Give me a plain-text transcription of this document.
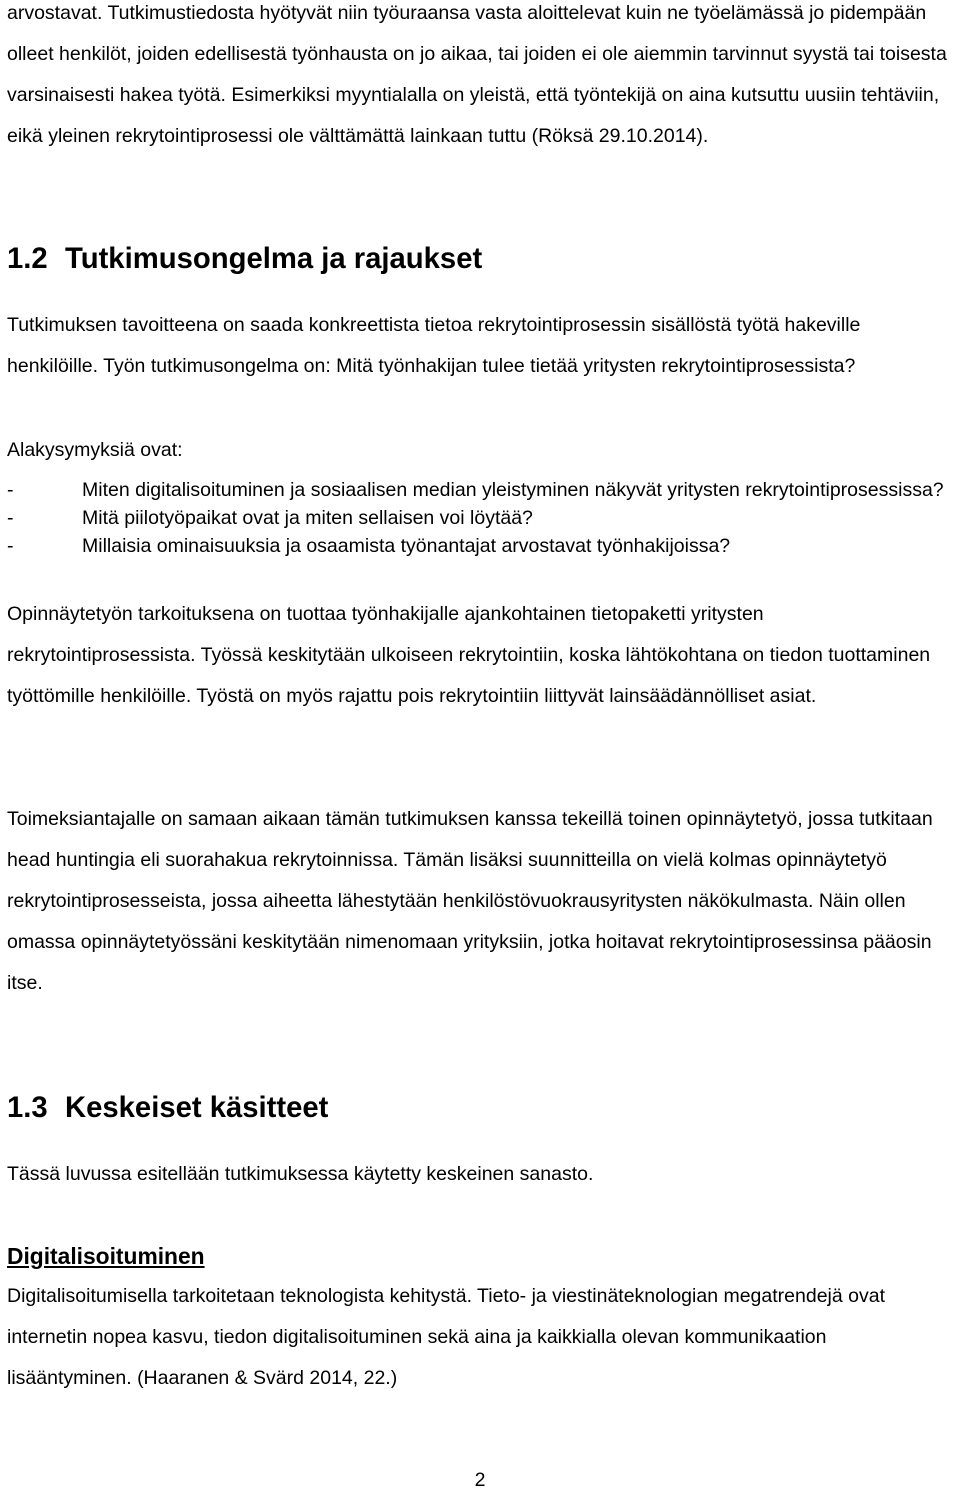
arvostavat. Tutkimustiedosta hyötyvät niin työuraansa vasta aloittelevat kuin ne työelämässä jo pidempään olleet henkilöt, joiden edellisestä työnhausta on jo aikaa, tai joiden ei ole aiemmin tarvinnut syystä tai toisesta varsinaisesti hakea työtä. Esimerkiksi myyntialalla on yleistä, että työntekijä on aina kutsuttu uusiin tehtäviin, eikä yleinen rekrytointiprosessi ole välttämättä lainkaan tuttu (Röksä 29.10.2014).

1.2 Tutkimusongelma ja rajaukset

Tutkimuksen tavoitteena on saada konkreettista tietoa rekrytointiprosessin sisällöstä työtä hakeville henkilöille. Työn tutkimusongelma on: Mitä työnhakijan tulee tietää yritysten rekrytointiprosessista?

Alakysymyksiä ovat:

-	Miten digitalisoituminen ja sosiaalisen median yleistyminen näkyvät yritysten rekrytointiprosessissa?
-	Mitä piilotyöpaikat ovat ja miten sellaisen voi löytää?
-	Millaisia ominaisuuksia ja osaamista työnantajat arvostavat työnhakijoissa?

Opinnäytetyön tarkoituksena on tuottaa työnhakijalle ajankohtainen tietopaketti yritysten rekrytointiprosessista. Työssä keskitytään ulkoiseen rekrytointiin, koska lähtökohtana on tiedon tuottaminen työttömille henkilöille. Työstä on myös rajattu pois rekrytointiin liittyvät lainsäädännölliset asiat.

Toimeksiantajalle on samaan aikaan tämän tutkimuksen kanssa tekeillä toinen opinnäytetyö, jossa tutkitaan head huntingia eli suorahakua rekrytoinnissa. Tämän lisäksi suunnitteilla on vielä kolmas opinnäytetyö rekrytointiprosesseista, jossa aiheetta lähestytään henkilöstövuokrausyritysten näkökulmasta. Näin ollen omassa opinnäytetyössäni keskitytään nimenomaan yrityksiin, jotka hoitavat rekrytointiprosessinsa pääosin itse.

1.3 Keskeiset käsitteet

Tässä luvussa esitellään tutkimuksessa käytetty keskeinen sanasto.

Digitalisoituminen

Digitalisoitumisella tarkoitetaan teknologista kehitystä. Tieto- ja viestinäteknologian megatrendejä ovat internetin nopea kasvu, tiedon digitalisoituminen sekä aina ja kaikkialla olevan kommunikaation lisääntyminen. (Haaranen & Svärd 2014, 22.)

2
